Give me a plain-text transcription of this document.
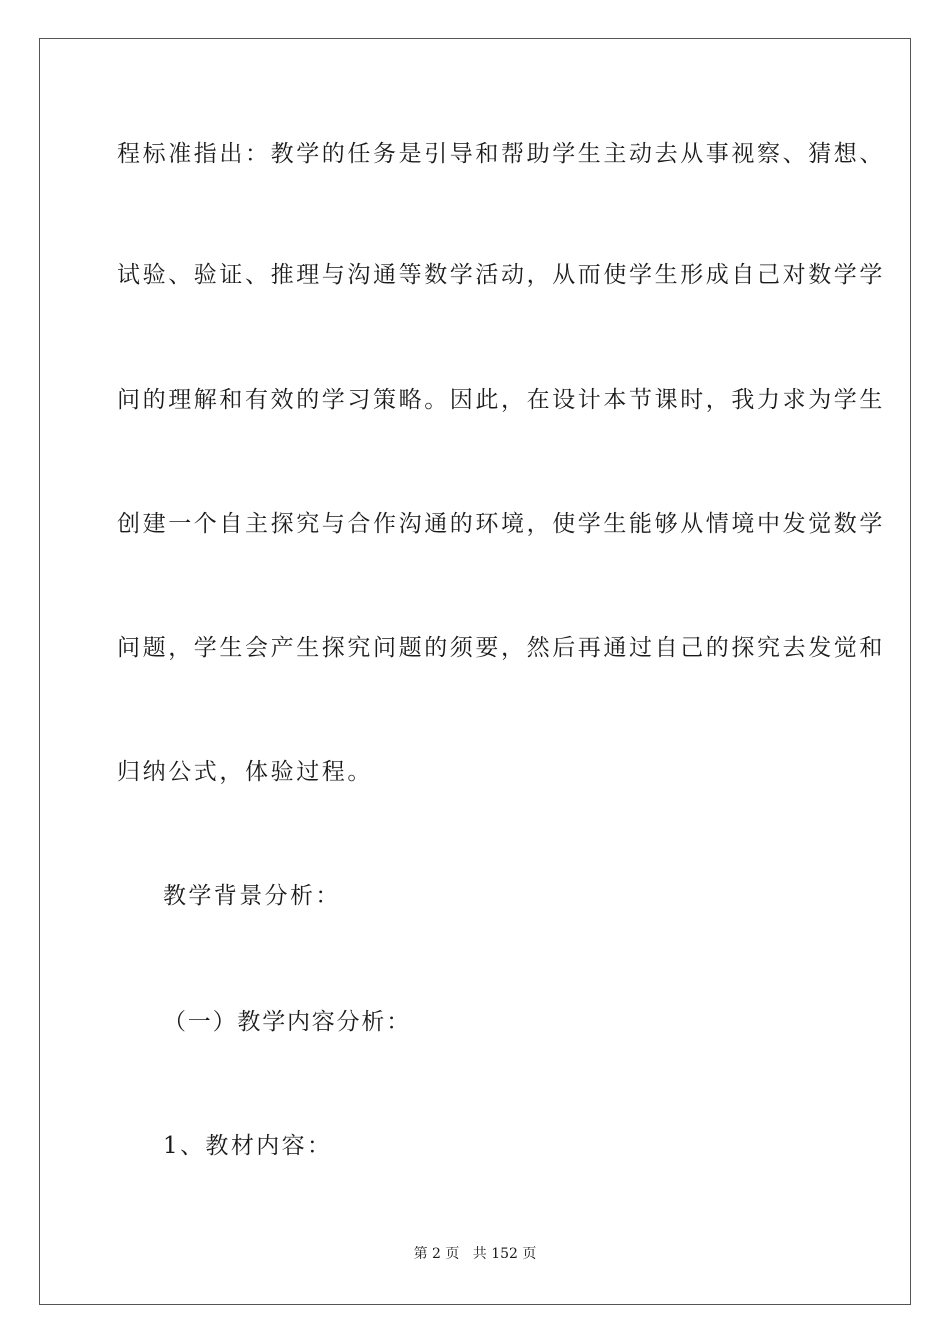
程标准指出：教学的任务是引导和帮助学生主动去从事视察、猜想、
试验、验证、推理与沟通等数学活动，从而使学生形成自己对数学学
问的理解和有效的学习策略。因此，在设计本节课时，我力求为学生
创建一个自主探究与合作沟通的环境，使学生能够从情境中发觉数学
问题，学生会产生探究问题的须要，然后再通过自己的探究去发觉和
归纳公式，体验过程。
教学背景分析：
（一）教学内容分析：
1、教材内容：
第 2 页 共 152 页
